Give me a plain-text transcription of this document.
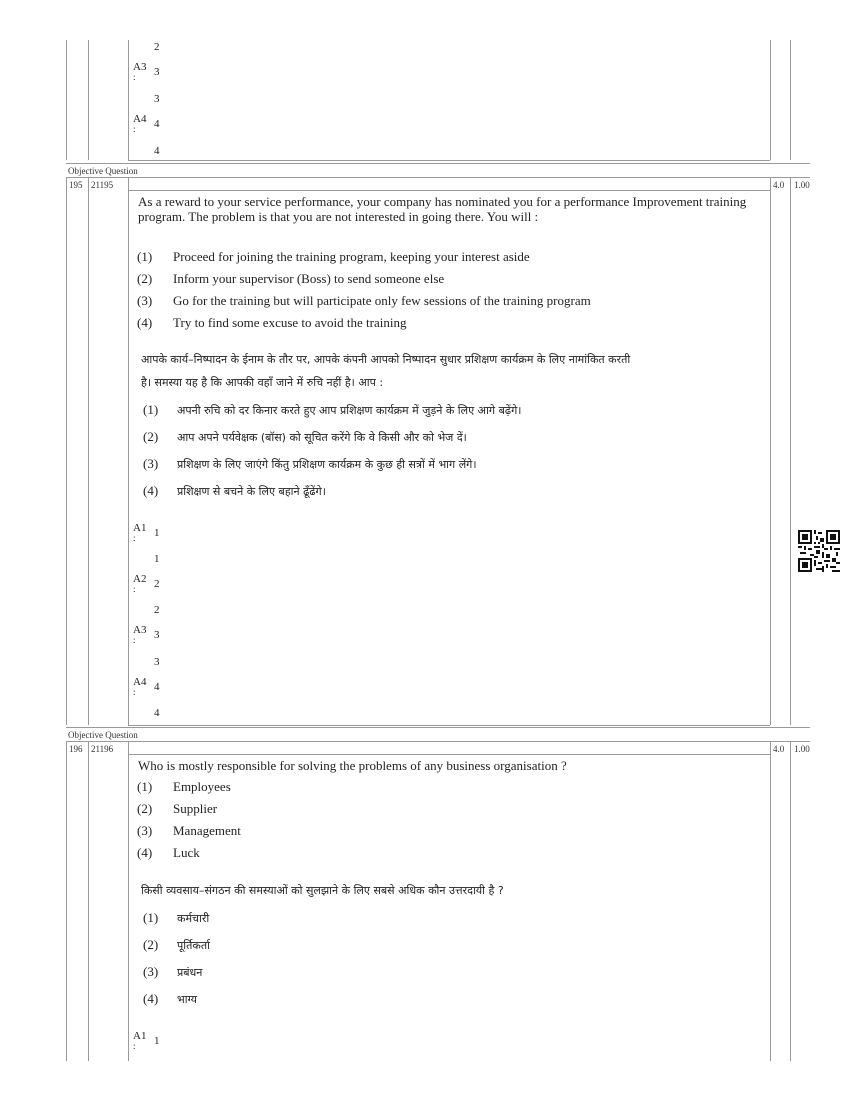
2
A3
: 3
3
A4
: 4
4
Objective Question
195 21195	4.0 1.00
As a reward to your service performance, your company has nominated you for a performance Improvement training program. The problem is that you are not interested in going there. You will :
(1) Proceed for joining the training program, keeping your interest aside
(2) Inform your supervisor (Boss) to send someone else
(3) Go for the training but will participate only few sessions of the training program
(4) Try to find some excuse to avoid the training
आपके कार्य–निष्पादन के ईनाम के तौर पर, आपके कंपनी आपको निष्पादन सुधार प्रशिक्षण कार्यक्रम के लिए नामांकित करती
है। समस्या यह है कि आपकी वहाँ जाने में रुचि नहीं है। आप :
(1) अपनी रुचि को दर किनार करते हुए आप प्रशिक्षण कार्यक्रम में जुड़ने के लिए आगे बढ़ेंगे।
(2) आप अपने पर्यवेक्षक (बॉस) को सूचित करेंगे कि वे किसी और को भेज दें।
(3) प्रशिक्षण के लिए जाएंगे किंतु प्रशिक्षण कार्यक्रम के कुछ ही सत्रों में भाग लेंगे।
(4) प्रशिक्षण से बचने के लिए बहाने ढूँढेंगे।
A1
: 1
1
A2
: 2
2
A3
: 3
3
A4
: 4
4
Objective Question
196 21196	4.0 1.00
Who is mostly responsible for solving the problems of any business organisation ?
(1) Employees
(2) Supplier
(3) Management
(4) Luck
किसी व्यवसाय–संगठन की समस्याओं को सुलझाने के लिए सबसे अधिक कौन उत्तरदायी है ?
(1) कर्मचारी
(2) पूर्तिकर्ता
(3) प्रबंधन
(4) भाग्य
A1
: 1
